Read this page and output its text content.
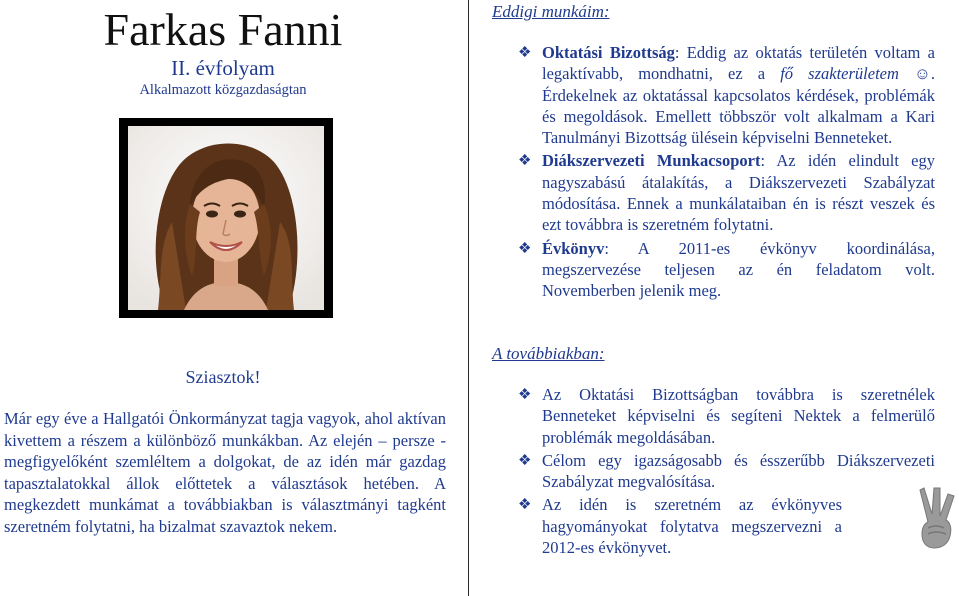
Farkas Fanni
II. évfolyam
Alkalmazott közgazdaságtan
Sziasztok!
Már egy éve a Hallgatói Önkormányzat tagja vagyok, ahol aktívan kivettem a részem a különböző munkákban. Az elején – persze - megfigyelőként szemléltem a dolgokat, de az idén már gazdag tapasztalatokkal állok előttetek a választások hetében. A megkezdett munkámat a továbbiakban is választmányi tagként szeretném folytatni, ha bizalmat szavaztok nekem.
Eddigi munkáim:
❖ Oktatási Bizottság: Eddig az oktatás területén voltam a legaktívabb, mondhatni, ez a fő szakterületem ☺. Érdekelnek az oktatással kapcsolatos kérdések, problémák és megoldások. Emellett többször volt alkalmam a Kari Tanulmányi Bizottság ülésein képviselni Benneteket.
❖ Diákszervezeti Munkacsoport: Az idén elindult egy nagyszabású átalakítás, a Diákszervezeti Szabályzat módosítása. Ennek a munkálataiban én is részt veszek és ezt továbbra is szeretném folytatni.
❖ Évkönyv: A 2011-es évkönyv koordinálása, megszervezése teljesen az én feladatom volt. Novemberben jelenik meg.
A továbbiakban:
❖ Az Oktatási Bizottságban továbbra is szeretnélek Benneteket képviselni és segíteni Nektek a felmerülő problémák megoldásában.
❖ Célom egy igazságosabb és ésszerűbb Diákszervezeti Szabályzat megvalósítása.
❖ Az idén is szeretném az évkönyves hagyományokat folytatva megszervezni a 2012-es évkönyvet.
